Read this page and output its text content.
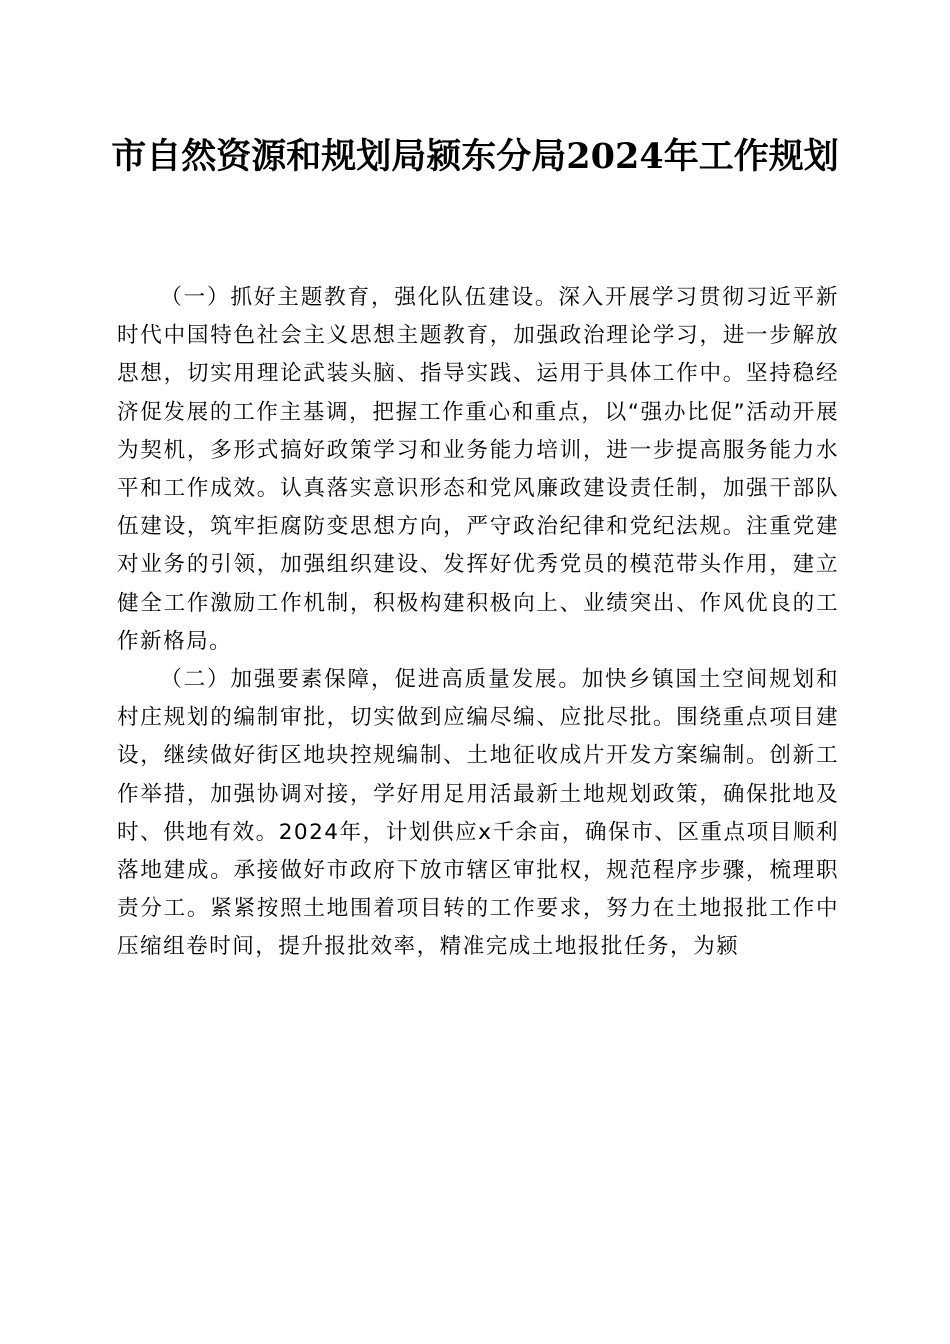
市自然资源和规划局颍东分局2024年工作规划

（一）抓好主题教育，强化队伍建设。深入开展学习贯彻习近平新时代中国特色社会主义思想主题教育，加强政治理论学习，进一步解放思想，切实用理论武装头脑、指导实践、运用于具体工作中。坚持稳经济促发展的工作主基调，把握工作重心和重点，以“强办比促”活动开展为契机，多形式搞好政策学习和业务能力培训，进一步提高服务能力水平和工作成效。认真落实意识形态和党风廉政建设责任制，加强干部队伍建设，筑牢拒腐防变思想方向，严守政治纪律和党纪法规。注重党建对业务的引领，加强组织建设、发挥好优秀党员的模范带头作用，建立健全工作激励工作机制，积极构建积极向上、业绩突出、作风优良的工作新格局。

（二）加强要素保障，促进高质量发展。加快乡镇国土空间规划和村庄规划的编制审批，切实做到应编尽编、应批尽批。围绕重点项目建设，继续做好街区地块控规编制、土地征收成片开发方案编制。创新工作举措，加强协调对接，学好用足用活最新土地规划政策，确保批地及时、供地有效。2024年，计划供应x千余亩，确保市、区重点项目顺利落地建成。承接做好市政府下放市辖区审批权，规范程序步骤，梳理职责分工。紧紧按照土地围着项目转的工作要求，努力在土地报批工作中压缩组卷时间，提升报批效率，精准完成土地报批任务，为颍
